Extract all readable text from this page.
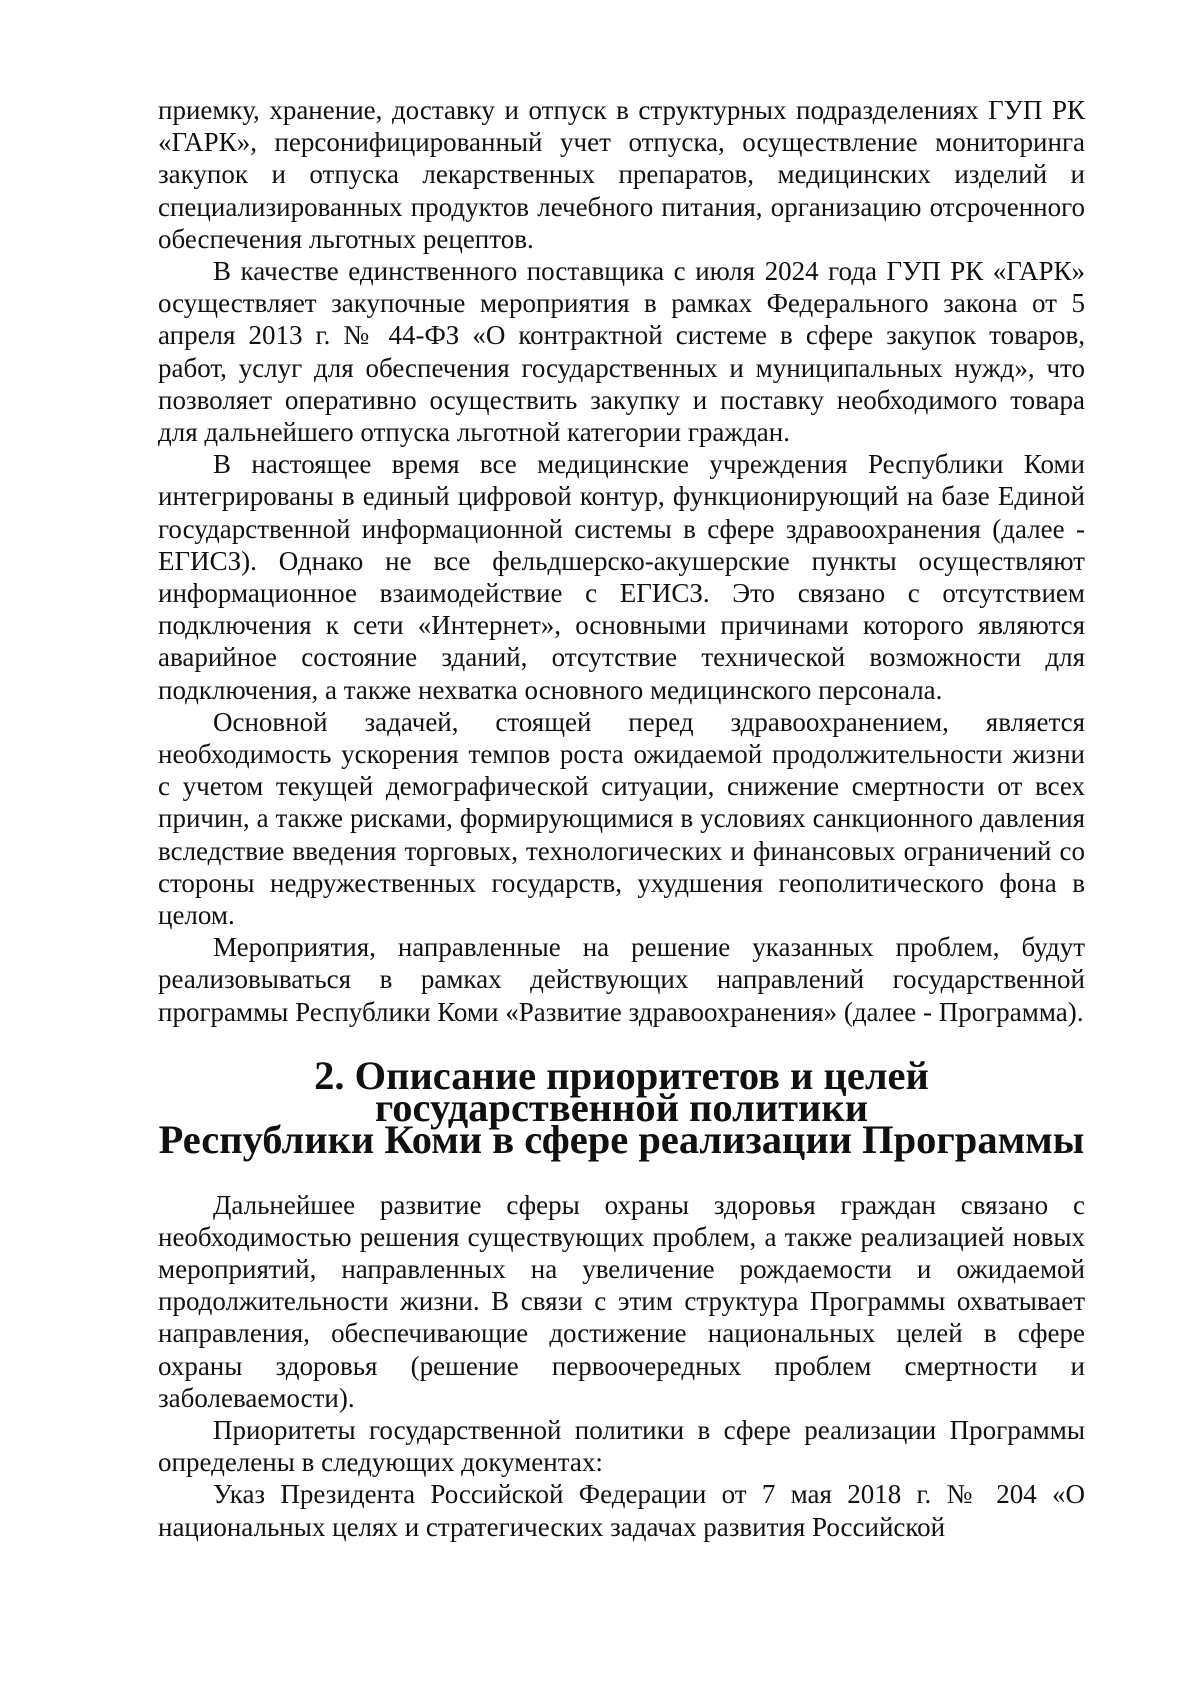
приемку, хранение, доставку и отпуск в структурных подразделениях ГУП РК «ГАРК», персонифицированный учет отпуска, осуществление мониторинга закупок и отпуска лекарственных препаратов, медицинских изделий и специализированных продуктов лечебного питания, организацию отсроченного обеспечения льготных рецептов.

В качестве единственного поставщика с июля 2024 года ГУП РК «ГАРК» осуществляет закупочные мероприятия в рамках Федерального закона от 5 апреля 2013 г. № 44-ФЗ «О контрактной системе в сфере закупок товаров, работ, услуг для обеспечения государственных и муниципальных нужд», что позволяет оперативно осуществить закупку и поставку необходимого товара для дальнейшего отпуска льготной категории граждан.

В настоящее время все медицинские учреждения Республики Коми интегрированы в единый цифровой контур, функционирующий на базе Единой государственной информационной системы в сфере здравоохранения (далее - ЕГИСЗ). Однако не все фельдшерско-акушерские пункты осуществляют информационное взаимодействие с ЕГИСЗ. Это связано с отсутствием подключения к сети «Интернет», основными причинами которого являются аварийное состояние зданий, отсутствие технической возможности для подключения, а также нехватка основного медицинского персонала.

Основной задачей, стоящей перед здравоохранением, является необходимость ускорения темпов роста ожидаемой продолжительности жизни с учетом текущей демографической ситуации, снижение смертности от всех причин, а также рисками, формирующимися в условиях санкционного давления вследствие введения торговых, технологических и финансовых ограничений со стороны недружественных государств, ухудшения геополитического фона в целом.

Мероприятия, направленные на решение указанных проблем, будут реализовываться в рамках действующих направлений государственной программы Республики Коми «Развитие здравоохранения» (далее - Программа).

2. Описание приоритетов и целей государственной политики
Республики Коми в сфере реализации Программы

Дальнейшее развитие сферы охраны здоровья граждан связано с необходимостью решения существующих проблем, а также реализацией новых мероприятий, направленных на увеличение рождаемости и ожидаемой продолжительности жизни. В связи с этим структура Программы охватывает направления, обеспечивающие достижение национальных целей в сфере охраны здоровья (решение первоочередных проблем смертности и заболеваемости).

Приоритеты государственной политики в сфере реализации Программы определены в следующих документах:

Указ Президента Российской Федерации от 7 мая 2018 г. № 204 «О национальных целях и стратегических задачах развития Российской
